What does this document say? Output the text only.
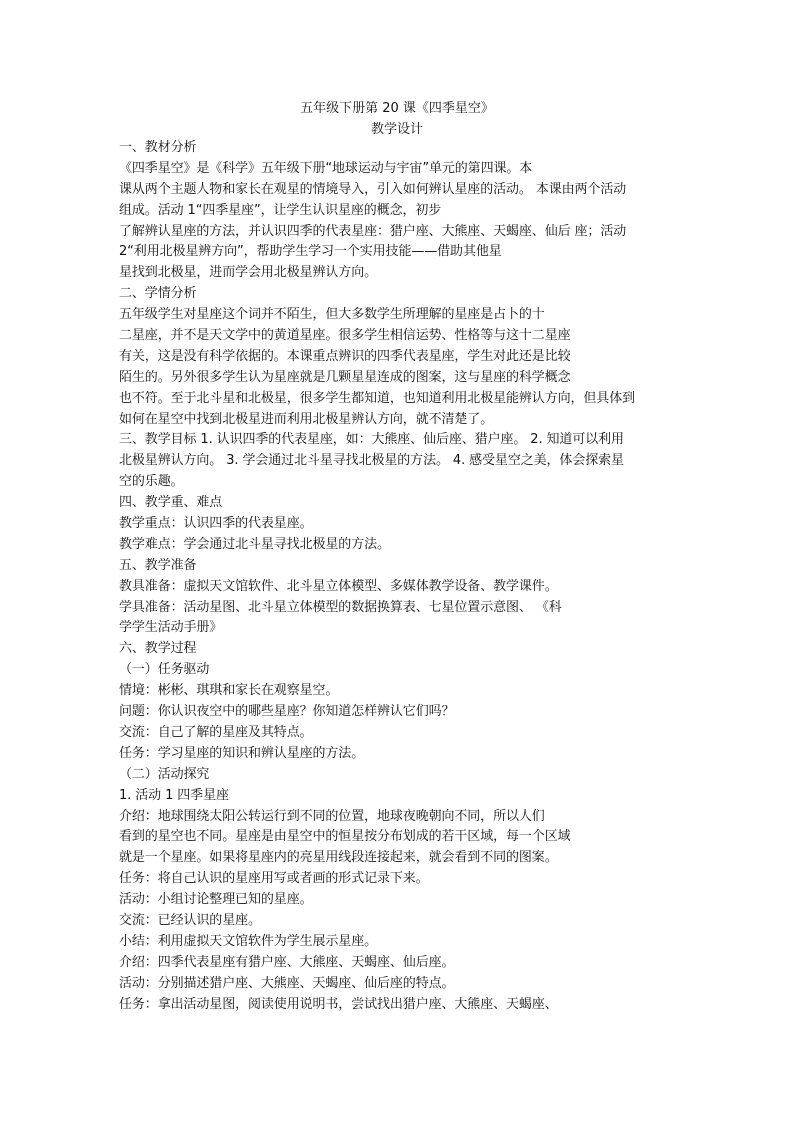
五年级下册第 20 课《四季星空》
教学设计
一、教材分析
《四季星空》是《科学》五年级下册“地球运动与宇宙”单元的第四课。本
课从两个主题人物和家长在观星的情境导入，引入如何辨认星座的活动。 本课由两个活动
组成。活动 1“四季星座”，让学生认识星座的概念，初步
了解辨认星座的方法，并认识四季的代表星座：猎户座、大熊座、天蝎座、仙后 座；活动
2“利用北极星辨方向”，帮助学生学习一个实用技能——借助其他星
星找到北极星，进而学会用北极星辨认方向。
二、学情分析
五年级学生对星座这个词并不陌生，但大多数学生所理解的星座是占卜的十
二星座，并不是天文学中的黄道星座。很多学生相信运势、性格等与这十二星座
有关，这是没有科学依据的。本课重点辨识的四季代表星座，学生对此还是比较
陌生的。另外很多学生认为星座就是几颗星星连成的图案，这与星座的科学概念
也不符。至于北斗星和北极星，很多学生都知道，也知道利用北极星能辨认方向，但具体到
如何在星空中找到北极星进而利用北极星辨认方向，就不清楚了。
三、教学目标 1. 认识四季的代表星座，如：大熊座、仙后座、猎户座。 2. 知道可以利用
北极星辨认方向。 3. 学会通过北斗星寻找北极星的方法。 4. 感受星空之美，体会探索星
空的乐趣。
四、教学重、难点
教学重点：认识四季的代表星座。
教学难点：学会通过北斗星寻找北极星的方法。
五、教学准备
教具准备：虚拟天文馆软件、北斗星立体模型、多媒体教学设备、教学课件。
学具准备：活动星图、北斗星立体模型的数据换算表、七星位置示意图、 《科
学学生活动手册》
六、教学过程
（一）任务驱动
情境：彬彬、琪琪和家长在观察星空。
问题：你认识夜空中的哪些星座？你知道怎样辨认它们吗？
交流：自己了解的星座及其特点。
任务：学习星座的知识和辨认星座的方法。
（二）活动探究
1. 活动 1 四季星座
介绍：地球围绕太阳公转运行到不同的位置，地球夜晚朝向不同，所以人们
看到的星空也不同。星座是由星空中的恒星按分布划成的若干区域，每一个区域
就是一个星座。如果将星座内的亮星用线段连接起来，就会看到不同的图案。
任务：将自己认识的星座用写或者画的形式记录下来。
活动：小组讨论整理已知的星座。
交流：已经认识的星座。
小结：利用虚拟天文馆软件为学生展示星座。
介绍：四季代表星座有猎户座、大熊座、天蝎座、仙后座。
活动：分别描述猎户座、大熊座、天蝎座、仙后座的特点。
任务：拿出活动星图，阅读使用说明书，尝试找出猎户座、大熊座、天蝎座、
